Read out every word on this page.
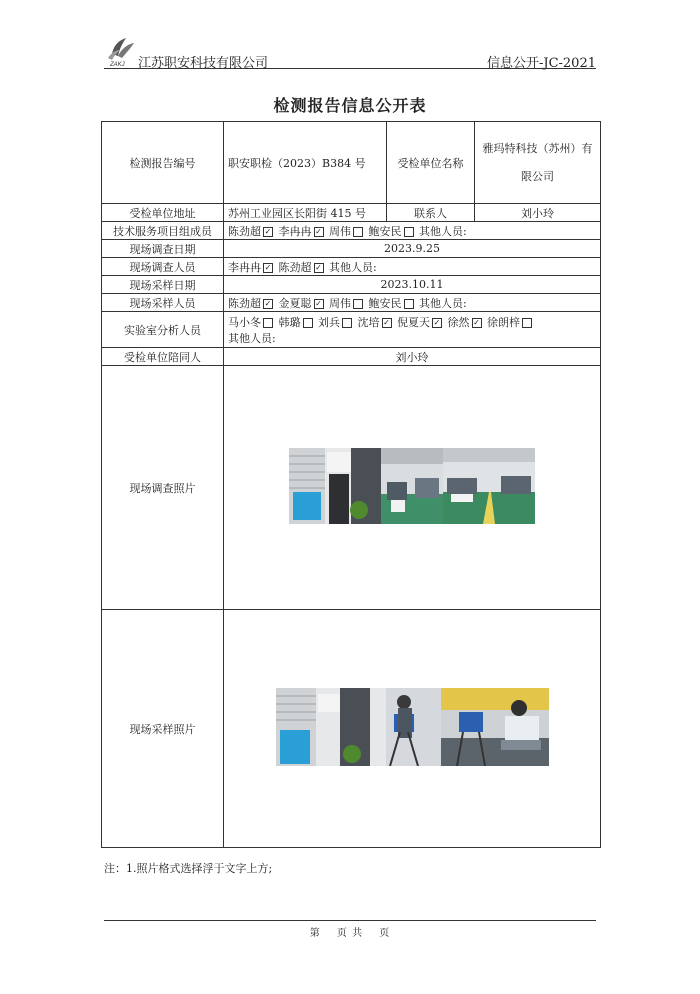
ZAKJ 江苏职安科技有限公司	信息公开-JC-2021
检测报告信息公开表
检测报告编号	职安职检（2023）B384 号	受检单位名称	雅玛特科技（苏州）有限公司
受检单位地址	苏州工业园区长阳街 415 号	联系人	刘小玲
技术服务项目组成员	陈劲超 ✓ 李冉冉 ✓ 周伟 鲍安民 其他人员:		
现场调查日期	2023.9.25		
现场调查人员	李冉冉 ✓ 陈劲超 ✓ 其他人员:		
现场采样日期	2023.10.11		
现场采样人员	陈劲超 ✓ 金夏聪 ✓ 周伟 鲍安民 其他人员:		
实验室分析人员	马小冬 韩璐 刘兵 沈培 ✓ 倪夏天 ✓ 徐然 ✓ 徐朗梓
其他人员:		
受检单位陪同人	刘小玲		
现场调查照片	

现场采样照片	
注：1.照片格式选择浮于文字上方;
第 页 共 页
